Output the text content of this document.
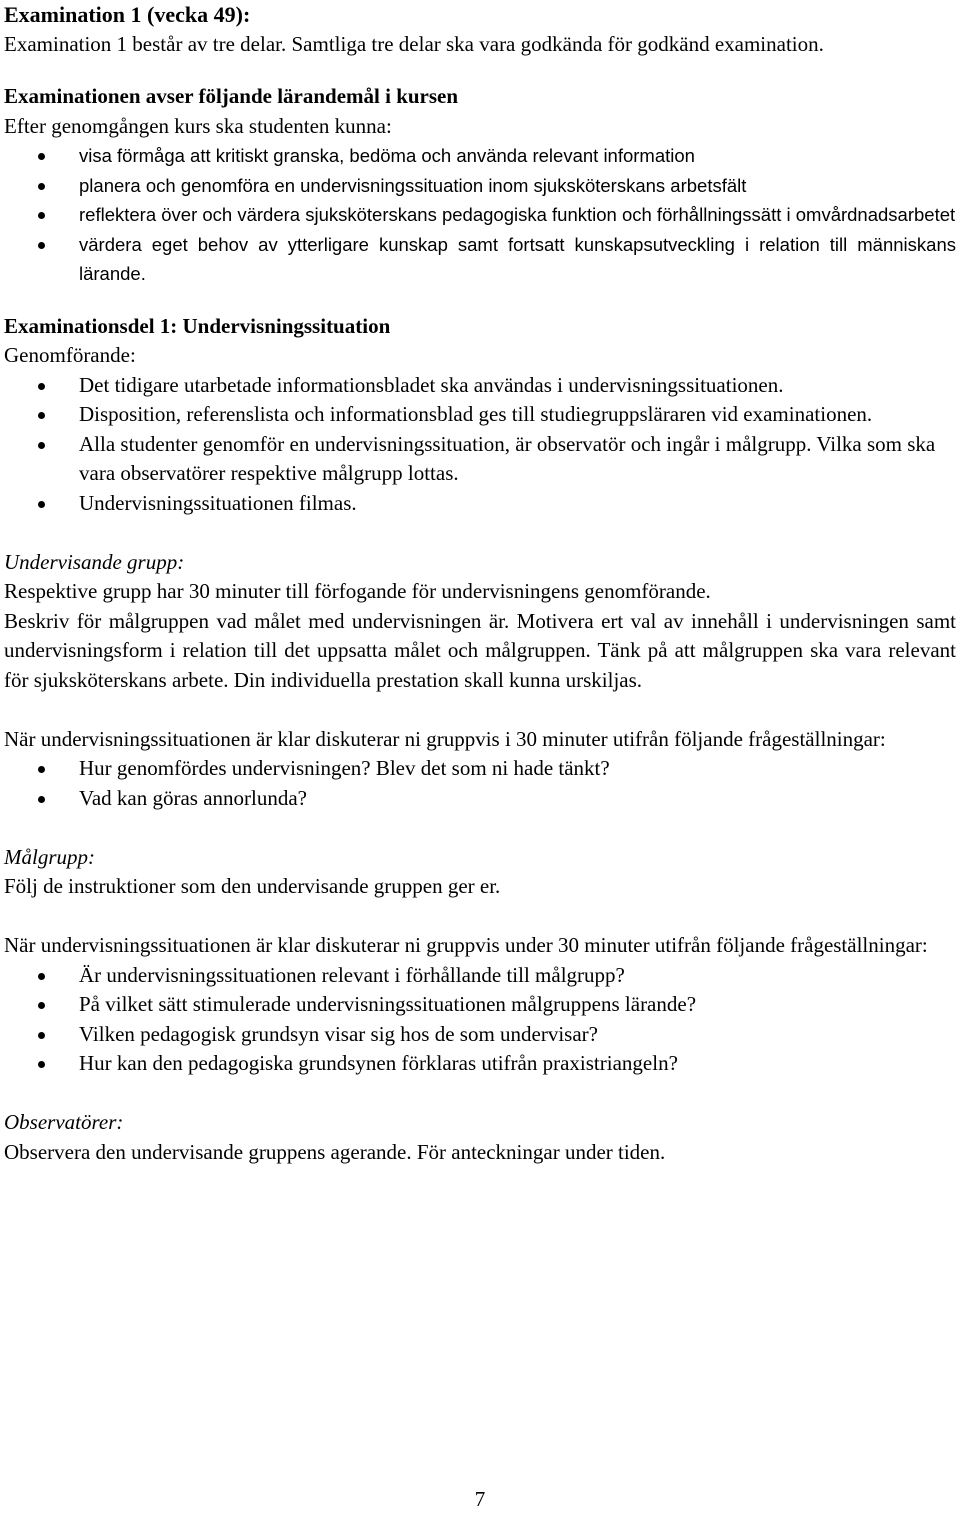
Examination 1 (vecka 49):

Examination 1 består av tre delar. Samtliga tre delar ska vara godkända för godkänd examination.

Examinationen avser följande lärandemål i kursen

Efter genomgången kurs ska studenten kunna:

visa förmåga att kritiskt granska, bedöma och använda relevant information
planera och genomföra en undervisningssituation inom sjuksköterskans arbetsfält
reflektera över och värdera sjuksköterskans pedagogiska funktion och förhållningssätt i omvårdnadsarbetet
värdera eget behov av ytterligare kunskap samt fortsatt kunskapsutveckling i relation till människans lärande.

Examinationsdel 1: Undervisningssituation

Genomförande:

Det tidigare utarbetade informationsbladet ska användas i undervisningssituationen.
Disposition, referenslista och informationsblad ges till studiegruppsläraren vid examinationen.
Alla studenter genomför en undervisningssituation, är observatör och ingår i målgrupp. Vilka som ska vara observatörer respektive målgrupp lottas.
Undervisningssituationen filmas.

Undervisande grupp:

Respektive grupp har 30 minuter till förfogande för undervisningens genomförande.

Beskriv för målgruppen vad målet med undervisningen är. Motivera ert val av innehåll i undervisningen samt undervisningsform i relation till det uppsatta målet och målgruppen. Tänk på att målgruppen ska vara relevant för sjuksköterskans arbete. Din individuella prestation skall kunna urskiljas.

När undervisningssituationen är klar diskuterar ni gruppvis i 30 minuter utifrån följande frågeställningar:

Hur genomfördes undervisningen? Blev det som ni hade tänkt?
Vad kan göras annorlunda?

Målgrupp:

Följ de instruktioner som den undervisande gruppen ger er.

När undervisningssituationen är klar diskuterar ni gruppvis under 30 minuter utifrån följande frågeställningar:

Är undervisningssituationen relevant i förhållande till målgrupp?
På vilket sätt stimulerade undervisningssituationen målgruppens lärande?
Vilken pedagogisk grundsyn visar sig hos de som undervisar?
Hur kan den pedagogiska grundsynen förklaras utifrån praxistriangeln?

Observatörer:

Observera den undervisande gruppens agerande. För anteckningar under tiden.

7
